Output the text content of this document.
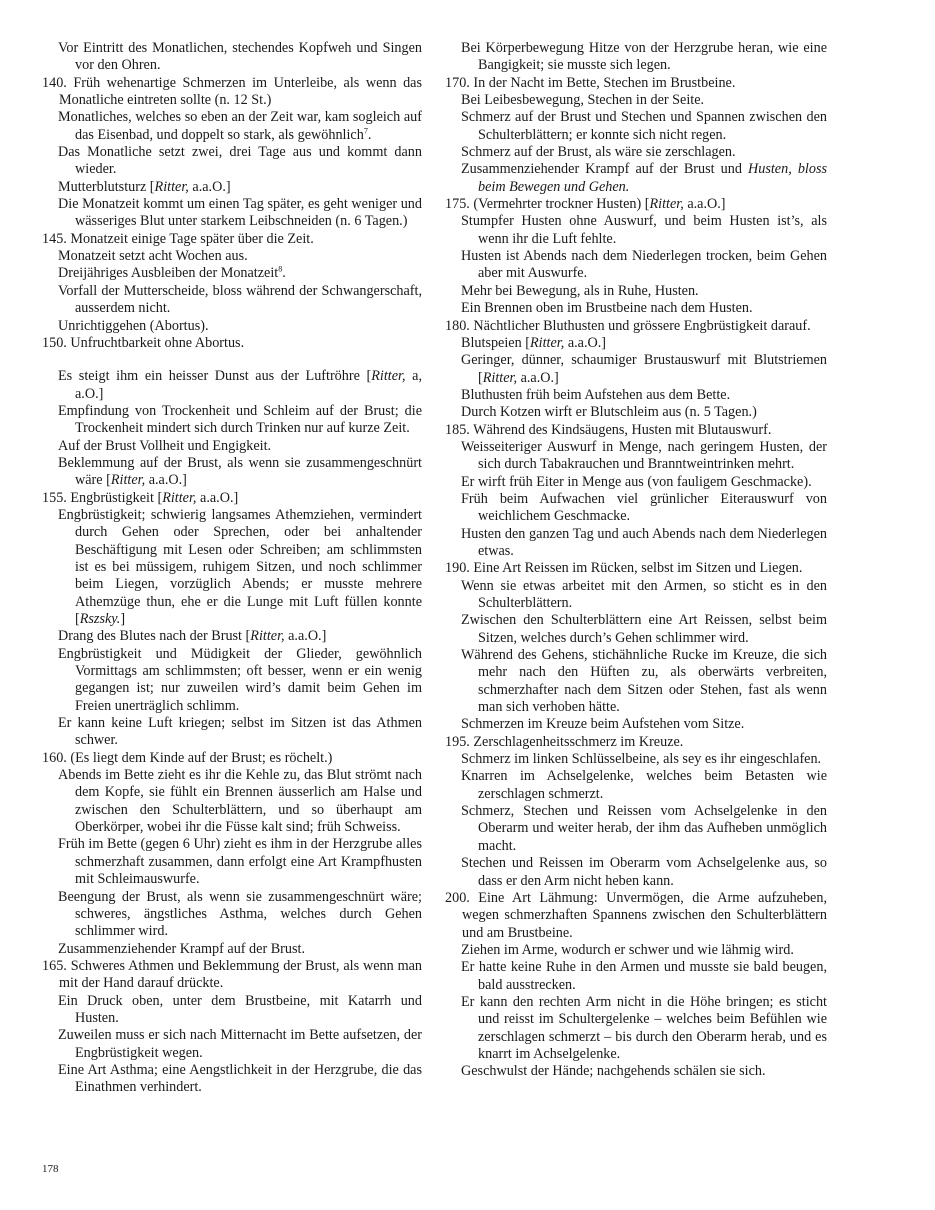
Vor Eintritt des Monatlichen, stechendes Kopfweh und Singen vor den Ohren.
140. Früh wehenartige Schmerzen im Unterleibe, als wenn das Monatliche eintreten sollte (n. 12 St.)
Monatliches, welches so eben an der Zeit war, kam sogleich auf das Eisenbad, und doppelt so stark, als gewöhnlich$^7$.
Das Monatliche setzt zwei, drei Tage aus und kommt dann wieder.
Mutterblutsturz [Ritter, a.a.O.]
Die Monatzeit kommt um einen Tag später, es geht weniger und wässeriges Blut unter starkem Leibschneiden (n. 6 Tagen.)
145. Monatzeit einige Tage später über die Zeit.
Monatzeit setzt acht Wochen aus.
Dreijähriges Ausbleiben der Monatzeit$^8$.
Vorfall der Mutterscheide, bloss während der Schwangerschaft, ausserdem nicht.
Unrichtiggehen (Abortus).
150. Unfruchtbarkeit ohne Abortus.
Es steigt ihm ein heisser Dunst aus der Luftröhre [Ritter, a, a.O.]
Empfindung von Trockenheit und Schleim auf der Brust; die Trockenheit mindert sich durch Trinken nur auf kurze Zeit.
Auf der Brust Vollheit und Engigkeit.
Beklemmung auf der Brust, als wenn sie zusammengeschnürt wäre [Ritter, a.a.O.]
155. Engbrüstigkeit [Ritter, a.a.O.]
Engbrüstigkeit; schwierig langsames Athemziehen, vermindert durch Gehen oder Sprechen, oder bei anhaltender Beschäftigung mit Lesen oder Schreiben; am schlimmsten ist es bei müssigem, ruhigem Sitzen, und noch schlimmer beim Liegen, vorzüglich Abends; er musste mehrere Athemzüge thun, ehe er die Lunge mit Luft füllen konnte [Rszsky.]
Drang des Blutes nach der Brust [Ritter, a.a.O.]
Engbrüstigkeit und Müdigkeit der Glieder, gewöhnlich Vormittags am schlimmsten; oft besser, wenn er ein wenig gegangen ist; nur zuweilen wird’s damit beim Gehen im Freien unerträglich schlimm.
Er kann keine Luft kriegen; selbst im Sitzen ist das Athmen schwer.
160. (Es liegt dem Kinde auf der Brust; es röchelt.)
Abends im Bette zieht es ihr die Kehle zu, das Blut strömt nach dem Kopfe, sie fühlt ein Brennen äusserlich am Halse und zwischen den Schulterblättern, und so überhaupt am Oberkörper, wobei ihr die Füsse kalt sind; früh Schweiss.
Früh im Bette (gegen 6 Uhr) zieht es ihm in der Herzgrube alles schmerzhaft zusammen, dann erfolgt eine Art Krampfhusten mit Schleimauswurfe.
Beengung der Brust, als wenn sie zusammengeschnürt wäre; schweres, ängstliches Asthma, welches durch Gehen schlimmer wird.
Zusammenziehender Krampf auf der Brust.
165. Schweres Athmen und Beklemmung der Brust, als wenn man mit der Hand darauf drückte.
Ein Druck oben, unter dem Brustbeine, mit Katarrh und Husten.
Zuweilen muss er sich nach Mitternacht im Bette aufsetzen, der Engbrüstigkeit wegen.
Eine Art Asthma; eine Aengstlichkeit in der Herzgrube, die das Einathmen verhindert.
Bei Körperbewegung Hitze von der Herzgrube heran, wie eine Bangigkeit; sie musste sich legen.
170. In der Nacht im Bette, Stechen im Brustbeine.
Bei Leibesbewegung, Stechen in der Seite.
Schmerz auf der Brust und Stechen und Spannen zwischen den Schulterblättern; er konnte sich nicht regen.
Schmerz auf der Brust, als wäre sie zerschlagen.
Zusammenziehender Krampf auf der Brust und Husten, bloss beim Bewegen und Gehen.
175. (Vermehrter trockner Husten) [Ritter, a.a.O.]
Stumpfer Husten ohne Auswurf, und beim Husten ist’s, als wenn ihr die Luft fehlte.
Husten ist Abends nach dem Niederlegen trocken, beim Gehen aber mit Auswurfe.
Mehr bei Bewegung, als in Ruhe, Husten.
Ein Brennen oben im Brustbeine nach dem Husten.
180. Nächtlicher Bluthusten und grössere Engbrüstigkeit darauf.
Blutspeien [Ritter, a.a.O.]
Geringer, dünner, schaumiger Brustauswurf mit Blutstriemen [Ritter, a.a.O.]
Bluthusten früh beim Aufstehen aus dem Bette.
Durch Kotzen wirft er Blutschleim aus (n. 5 Tagen.)
185. Während des Kindsäugens, Husten mit Blutauswurf.
Weisseiteriger Auswurf in Menge, nach geringem Husten, der sich durch Tabakrauchen und Branntweintrinken mehrt.
Er wirft früh Eiter in Menge aus (von fauligem Geschmacke).
Früh beim Aufwachen viel grünlicher Eiterauswurf von weichlichem Geschmacke.
Husten den ganzen Tag und auch Abends nach dem Niederlegen etwas.
190. Eine Art Reissen im Rücken, selbst im Sitzen und Liegen.
Wenn sie etwas arbeitet mit den Armen, so sticht es in den Schulterblättern.
Zwischen den Schulterblättern eine Art Reissen, selbst beim Sitzen, welches durch’s Gehen schlimmer wird.
Während des Gehens, stichähnliche Rucke im Kreuze, die sich mehr nach den Hüften zu, als oberwärts verbreiten, schmerzhafter nach dem Sitzen oder Stehen, fast als wenn man sich verhoben hätte.
Schmerzen im Kreuze beim Aufstehen vom Sitze.
195. Zerschlagenheitsschmerz im Kreuze.
Schmerz im linken Schlüsselbeine, als sey es ihr eingeschlafen.
Knarren im Achselgelenke, welches beim Betasten wie zerschlagen schmerzt.
Schmerz, Stechen und Reissen vom Achselgelenke in den Oberarm und weiter herab, der ihm das Aufheben unmöglich macht.
Stechen und Reissen im Oberarm vom Achselgelenke aus, so dass er den Arm nicht heben kann.
200. Eine Art Lähmung: Unvermögen, die Arme aufzuheben, wegen schmerzhaften Spannens zwischen den Schulterblättern und am Brustbeine.
Ziehen im Arme, wodurch er schwer und wie lähmig wird.
Er hatte keine Ruhe in den Armen und musste sie bald beugen, bald ausstrecken.
Er kann den rechten Arm nicht in die Höhe bringen; es sticht und reisst im Schultergelenke – welches beim Befühlen wie zerschlagen schmerzt – bis durch den Oberarm herab, und es knarrt im Achselgelenke.
Geschwulst der Hände; nachgehends schälen sie sich.
178
